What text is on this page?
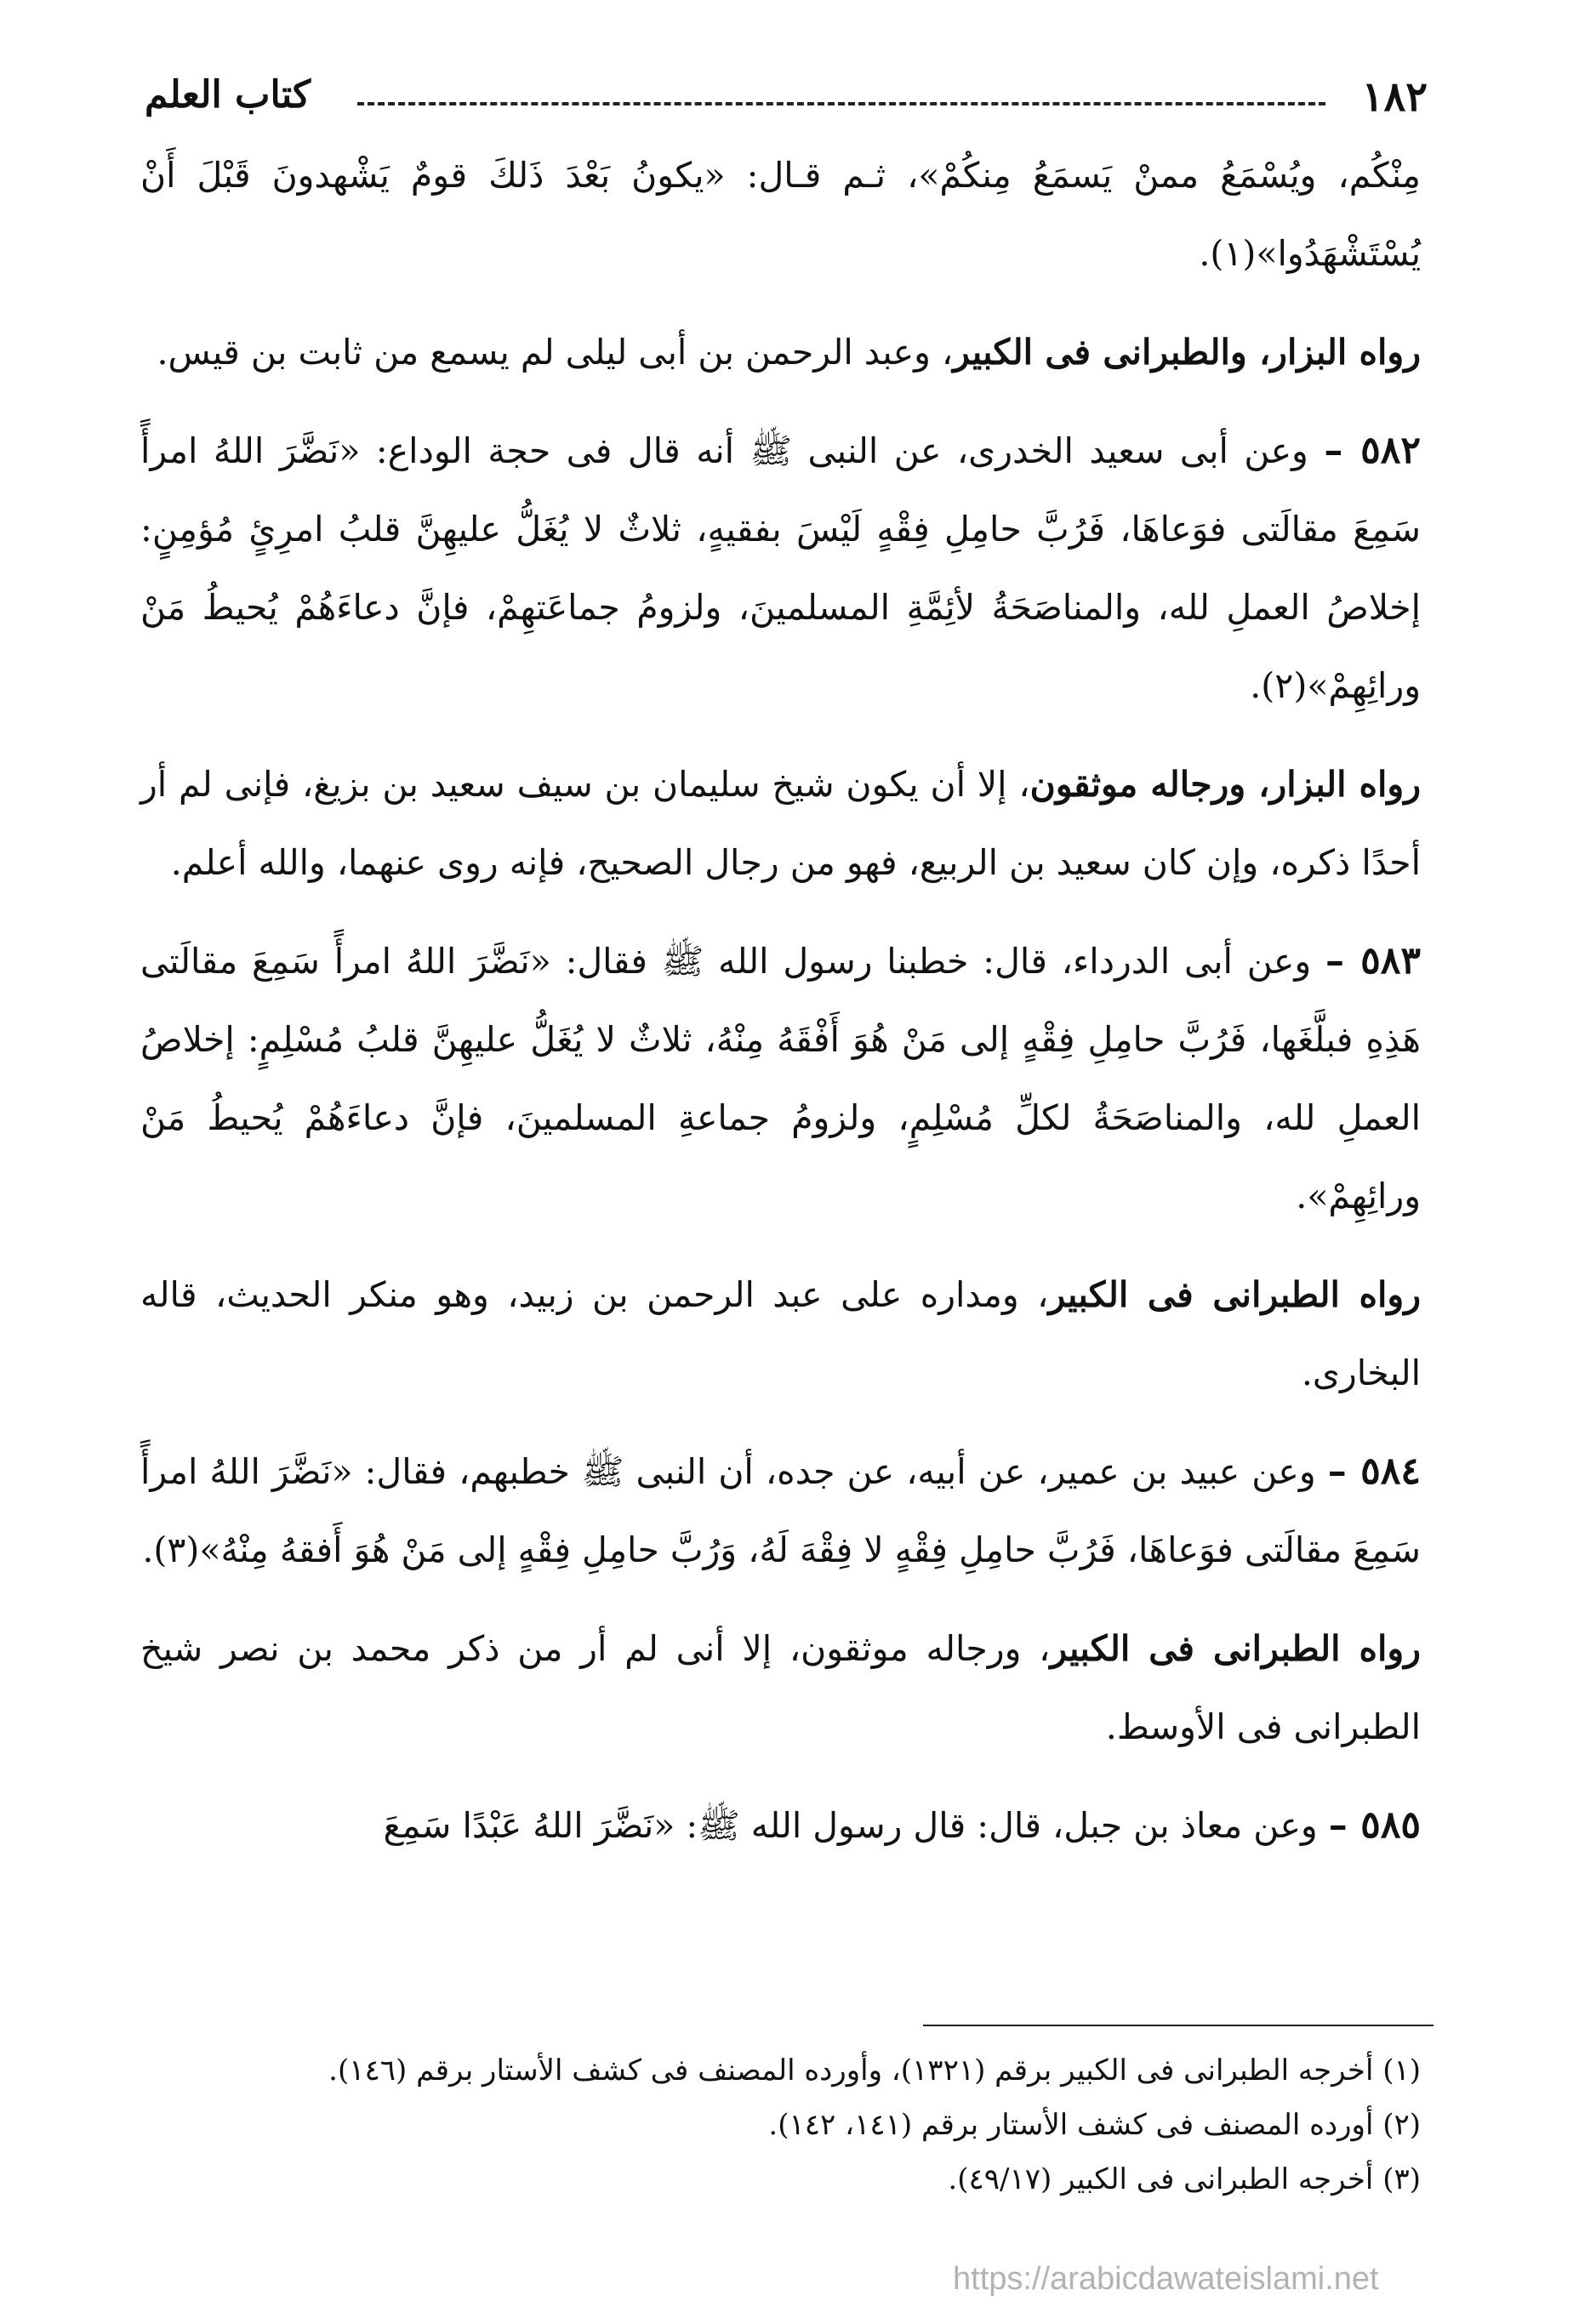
١٨٢
كتاب العلم

مِنْكُم، ويُسْمَعُ ممنْ يَسمَعُ مِنكُمْ»، ثـم قـال: «يكونُ بَعْدَ ذَلكَ قومٌ يَشْهدونَ قَبْلَ أَنْ يُسْتَشْهَدُوا»(١).

رواه البزار، والطبرانى فى الكبير، وعبد الرحمن بن أبى ليلى لم يسمع من ثابت بن قيس.

٥٨٢ – وعن أبى سعيد الخدرى، عن النبى ﷺ أنه قال فى حجة الوداع: «نَضَّرَ اللهُ امرأً سَمِعَ مقالَتى فوَعاهَا، فَرُبَّ حامِلِ فِقْهٍ لَيْسَ بفقيهٍ، ثلاثٌ لا يُغَلُّ عليهِنَّ قلبُ امرِئٍ مُؤمِنٍ: إخلاصُ العملِ لله، والمناصَحَةُ لأئِمَّةِ المسلمينَ، ولزومُ جماعَتهِمْ، فإنَّ دعاءَهُمْ يُحيطُ مَنْ ورائِهِمْ»(٢).

رواه البزار، ورجاله موثقون، إلا أن يكون شيخ سليمان بن سيف سعيد بن بزيغ، فإنى لم أر أحدًا ذكره، وإن كان سعيد بن الربيع، فهو من رجال الصحيح، فإنه روى عنهما، والله أعلم.

٥٨٣ – وعن أبى الدرداء، قال: خطبنا رسول الله ﷺ فقال: «نَضَّرَ اللهُ امرأً سَمِعَ مقالَتى هَذِهِ فبلَّغَها، فَرُبَّ حامِلِ فِقْهٍ إلى مَنْ هُوَ أَفْقَهُ مِنْهُ، ثلاثٌ لا يُغَلُّ عليهِنَّ قلبُ مُسْلِمٍ: إخلاصُ العملِ لله، والمناصَحَةُ لكلِّ مُسْلِمٍ، ولزومُ جماعةِ المسلمينَ، فإنَّ دعاءَهُمْ يُحيطُ مَنْ ورائِهِمْ».

رواه الطبرانى فى الكبير، ومداره على عبد الرحمن بن زبيد، وهو منكر الحديث، قاله البخارى.

٥٨٤ – وعن عبيد بن عمير، عن أبيه، عن جده، أن النبى ﷺ خطبهم، فقال: «نَضَّرَ اللهُ امرأً سَمِعَ مقالَتى فوَعاهَا، فَرُبَّ حامِلِ فِقْهٍ لا فِقْهَ لَهُ، وَرُبَّ حامِلِ فِقْهٍ إلى مَنْ هُوَ أَفقهُ مِنْهُ»(٣).

رواه الطبرانى فى الكبير، ورجاله موثقون، إلا أنى لم أر من ذكر محمد بن نصر شيخ الطبرانى فى الأوسط.

٥٨٥ – وعن معاذ بن جبل، قال: قال رسول الله ﷺ: «نَضَّرَ اللهُ عَبْدًا سَمِعَ

(١) أخرجه الطبرانى فى الكبير برقم (١٣٢١)، وأورده المصنف فى كشف الأستار برقم (١٤٦).
(٢) أورده المصنف فى كشف الأستار برقم (١٤١، ١٤٢).
(٣) أخرجه الطبرانى فى الكبير (٤٩/١٧).
https://arabicdawateislami.net
